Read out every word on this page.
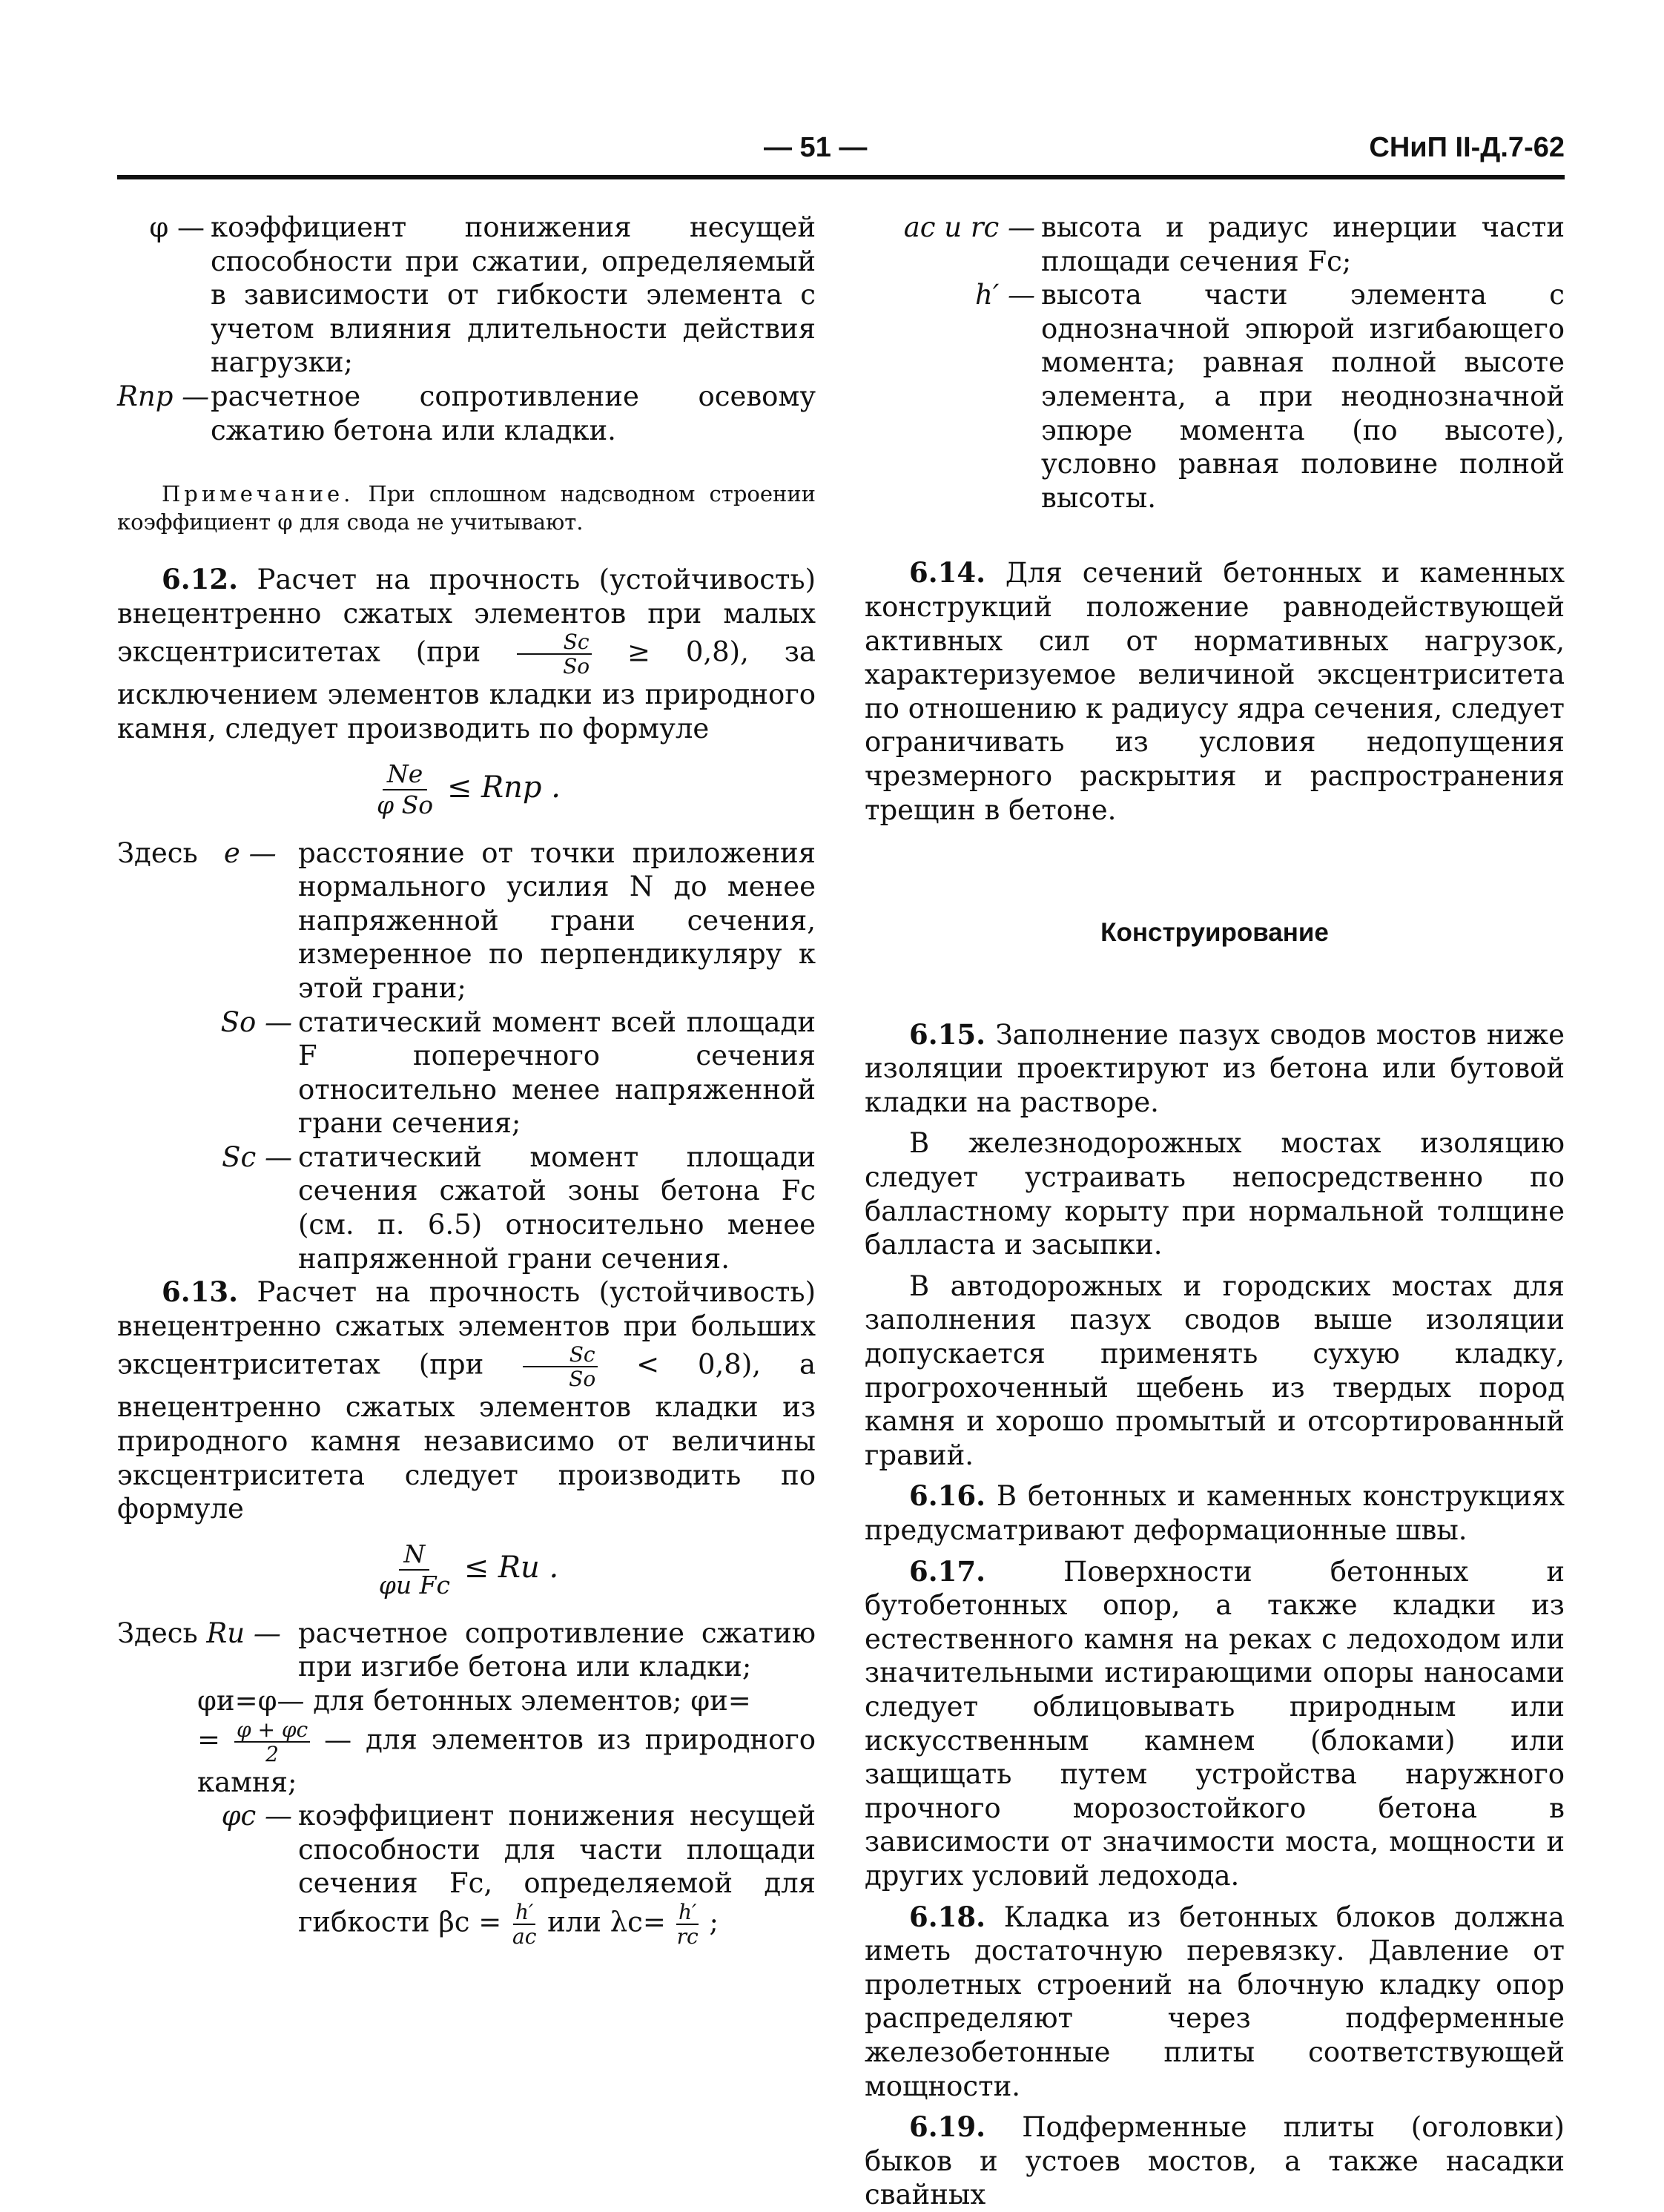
— 51 —	СНиП II-Д.7-62
φ — коэффициент понижения несущей способности при сжатии, определяемый в зависимости от гибкости элемента с учетом влияния длительности действия нагрузки;
Rпр — расчетное сопротивление осевому сжатию бетона или кладки.

Примечание. При сплошном надсводном строении коэффициент φ для свода не учитывают.

6.12. Расчет на прочность (устойчивость) внецентренно сжатых элементов при малых эксцентриситетах $(при \frac{Sc}{So} \ge 0,8)$, за исключением элементов кладки из природного камня, следует производить по формуле

$\frac{Ne}{\text{φ So}}$ ≤ Rпр .
Здесь e — расстояние от точки приложения нормального усилия N до менее напряженной грани сечения, измеренное по перпендикуляру к этой грани;
So — статический момент всей площади F поперечного сечения относительно менее напряженной грани сечения;
Sc — статический момент площади сечения сжатой зоны бетона Fc (см. п. 6.5) относительно менее напряженной грани сечения.

6.13. Расчет на прочность (устойчивость) внецентренно сжатых элементов при больших эксцентриситетах $(при \frac{Sc}{So} < 0,8)$, а внецентренно сжатых элементов кладки из природного камня независимо от величины эксцентриситета следует производить по формуле

$\frac{N}{\text{φи Fc}}$ ≤ Rи .
Здесь Rи — расчетное сопротивление сжатию при изгибе бетона или кладки;
φи=φ— для бетонных элементов; φи=
= $\frac{\varphi + \varphi c}{2}$ — для элементов из природного камня;
φc — коэффициент понижения несущей способности для части площади сечения Fc, определяемой для гибкости $\beta c = \frac{h'}{ac}$ или $\lambda c= \frac{h'}{rc}$ ;
ac и rc — высота и радиус инерции части площади сечения Fc;
h′ — высота части элемента с однозначной эпюрой изгибающего момента; равная полной высоте элемента, а при неоднозначной эпюре момента (по высоте), условно равная половине полной высоты.

6.14. Для сечений бетонных и каменных конструкций положение равнодействующей активных сил от нормативных нагрузок, характеризуемое величиной эксцентриситета по отношению к радиусу ядра сечения, следует ограничивать из условия недопущения чрезмерного раскрытия и распространения трещин в бетоне.

Конструирование

6.15. Заполнение пазух сводов мостов ниже изоляции проектируют из бетона или бутовой кладки на растворе.

В железнодорожных мостах изоляцию следует устраивать непосредственно по балластному корыту при нормальной толщине балласта и засыпки.

В автодорожных и городских мостах для заполнения пазух сводов выше изоляции допускается применять сухую кладку, прогрохоченный щебень из твердых пород камня и хорошо промытый и отсортированный гравий.

6.16. В бетонных и каменных конструкциях предусматривают деформационные швы.

6.17.	Поверхности бетонных и бутобетонных опор, а также кладки из естественного камня на реках с ледоходом или значительными истирающими опоры наносами следует облицовывать природным или искусственным камнем (блоками) или защищать путем устройства наружного прочного морозостойкого бетона в зависимости от значимости моста, мощности и других условий ледохода.

6.18. Кладка из бетонных блоков должна иметь достаточную перевязку. Давление от пролетных строений на блочную кладку опор распределяют через подферменные железобетонные плиты соответствующей мощности.

6.19. Подферменные плиты (оголовки) быков и устоев мостов, а также насадки свайных
